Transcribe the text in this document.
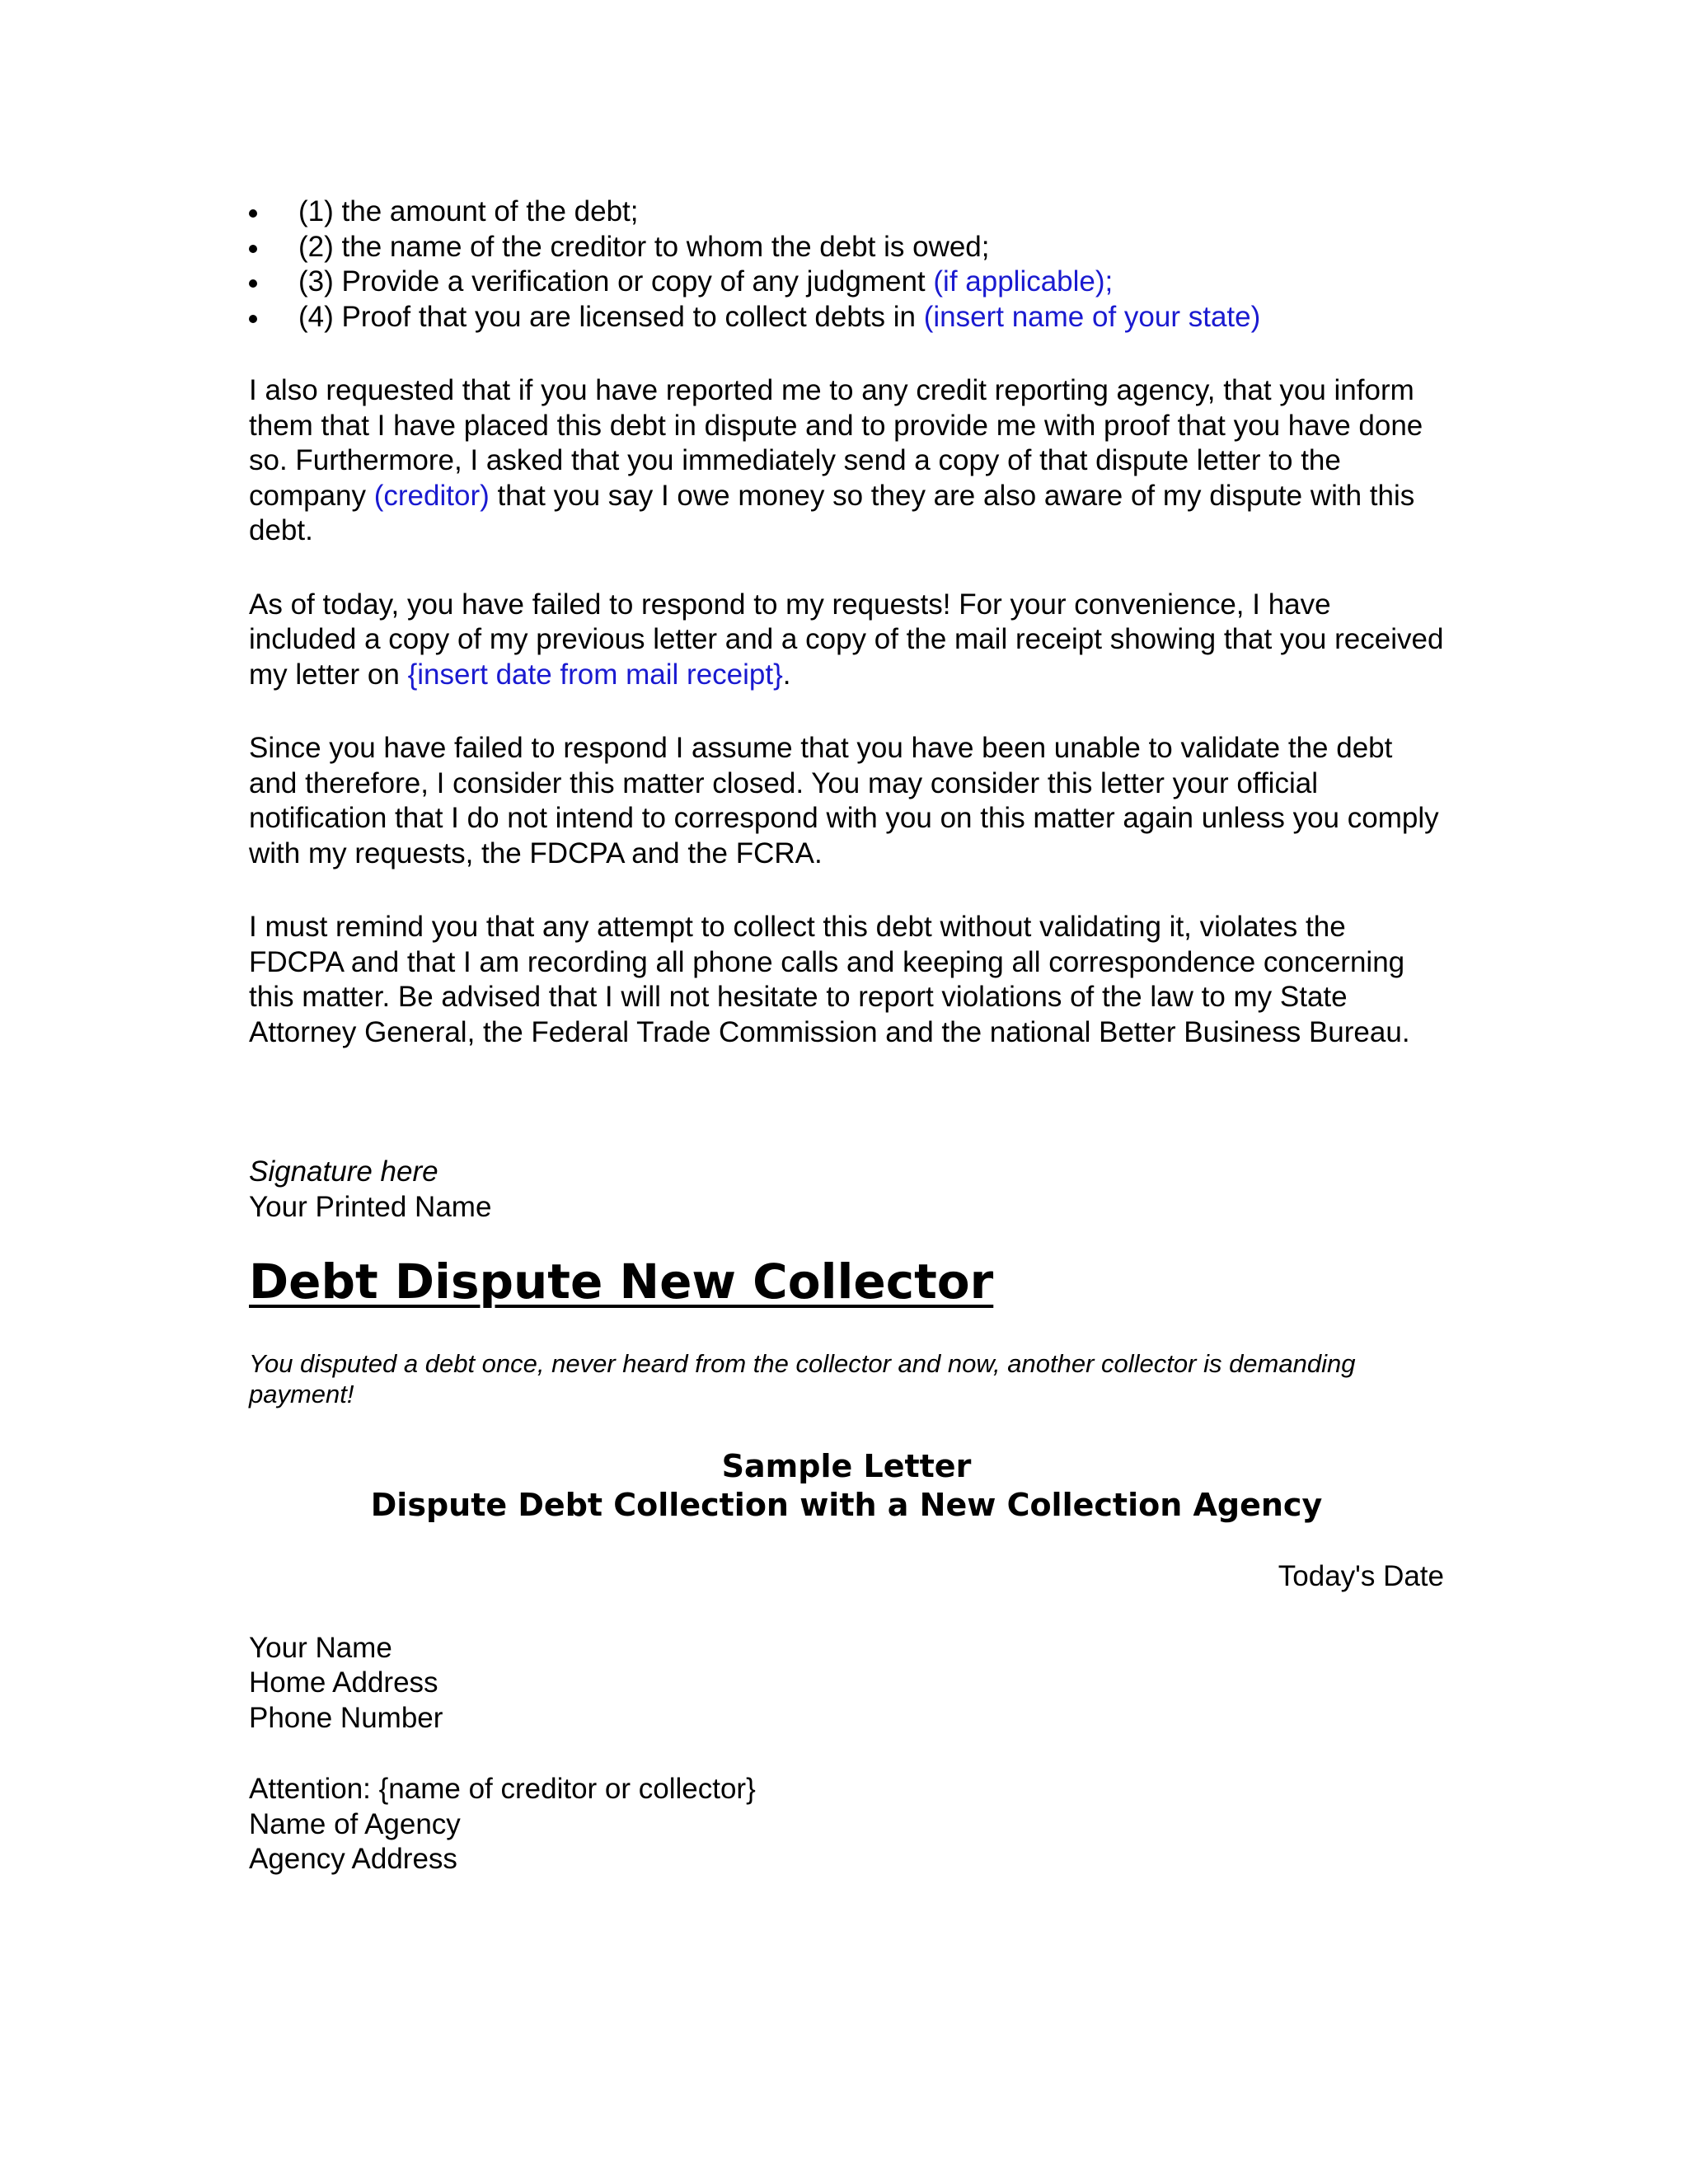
(1) the amount of the debt;
(2) the name of the creditor to whom the debt is owed;
(3) Provide a verification or copy of any judgment (if applicable);
(4) Proof that you are licensed to collect debts in (insert name of your state)

I also requested that if you have reported me to any credit reporting agency, that you inform them that I have placed this debt in dispute and to provide me with proof that you have done so. Furthermore, I asked that you immediately send a copy of that dispute letter to the company (creditor) that you say I owe money so they are also aware of my dispute with this debt.

As of today, you have failed to respond to my requests! For your convenience, I have included a copy of my previous letter and a copy of the mail receipt showing that you received my letter on {insert date from mail receipt}.

Since you have failed to respond I assume that you have been unable to validate the debt and therefore, I consider this matter closed. You may consider this letter your official notification that I do not intend to correspond with you on this matter again unless you comply with my requests, the FDCPA and the FCRA.

I must remind you that any attempt to collect this debt without validating it, violates the FDCPA and that I am recording all phone calls and keeping all correspondence concerning this matter. Be advised that I will not hesitate to report violations of the law to my State Attorney General, the Federal Trade Commission and the national Better Business Bureau.

Signature here
Your Printed Name
Debt Dispute New Collector
You disputed a debt once, never heard from the collector and now, another collector is demanding payment!
Sample Letter
Dispute Debt Collection with a New Collection Agency
Today's Date
Your Name
Home Address
Phone Number
Attention: {name of creditor or collector}
Name of Agency
Agency Address
